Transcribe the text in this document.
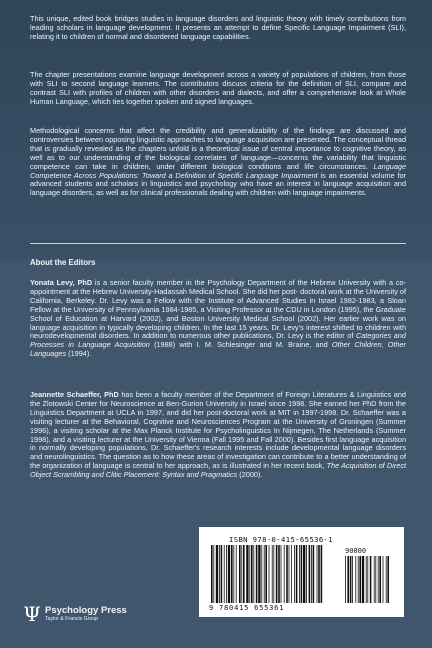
This unique, edited book bridges studies in language disorders and linguistic theory with timely contributions from leading scholars in language development. It presents an attempt to define Specific Language Impairment (SLI), relating it to children of normal and disordered language capabilities.

The chapter presentations examine language development across a variety of populations of children, from those with SLI to second language learners. The contributors discuss criteria for the definition of SLI, compare and contrast SLI with profiles of children with other disorders and dialects, and offer a comprehensive look at Whole Human Language, which ties together spoken and signed languages.

Methodological concerns that affect the credibility and generalizability of the findings are discussed and controversies between opposing linguistic approaches to language acquisition are presented. The conceptual thread that is gradually revealed as the chapters unfold is a theoretical issue of central importance to cognitive theory, as well as to our understanding of the biological correlates of language—concerns the variability that linguistic competence can take in children, under different biological conditions and life circumstances. Language Competence Across Populations: Toward a Definition of Specific Language Impairment is an essential volume for advanced students and scholars in linguistics and psychology who have an interest in language acquisition and language disorders, as well as for clinical professionals dealing with children with language impairments.

About the Editors

Yonata Levy, PhD is a senior faculty member in the Psychology Department of the Hebrew University with a co-appointment at the Hebrew University-Hadassah Medical School. She did her post- doctoral work at the University of California, Berkeley. Dr. Levy was a Fellow with the Institute of Advanced Studies in Israel 1982-1983, a Sloan Fellow at the University of Pennsylvania 1984-1985, a Visiting Professor at the CDU in London (1995), the Graduate School of Education at Harvard (2002), and Boston University Medical School (2002). Her earlier work was on language acquisition in typically developing children. In the last 15 years, Dr. Levy's interest shifted to children with neurodevelopmental disorders. In addition to numerous other publications, Dr. Levy is the editor of Categories and Processes in Language Acquisition (1988) with I. M. Schlesinger and M. Braine, and Other Children, Other Languages (1994).

Jeannette Schaeffer, PhD has been a faculty member of the Department of Foreign Literatures & Linguistics and the Zlotowski Center for Neuroscience at Ben-Gurion University in Israel since 1998. She earned her PhD from the Linguistics Department at UCLA in 1997, and did her post-doctoral work at MIT in 1997-1998. Dr. Schaeffer was a visiting lecturer at the Behavioral, Cognitive and Neurosciences Program at the University of Groningen (Summer 1996), a visiting scholar at the Max Planck Institute for Psycholinguistics In Nijmegen, The Netherlands (Summer 1998), and a visiting lecturer at the University of Vienna (Fall 1995 and Fall 2000). Besides first language acquisition in normally developing populations, Dr. Schaeffer's research interests include developmental language disorders and neurolinguistics. The question as to how these areas of investigation can contribute to a better understanding of the organization of language is central to her approach, as is illustrated in her recent book, The Acquisition of Direct Object Scrambling and Clitic Placement: Syntax and Pragmatics (2000).

ISBN 978-0-415-65536-1
90000
9 780415 655361
Ψ Psychology Press
Taylor & Francis Group
